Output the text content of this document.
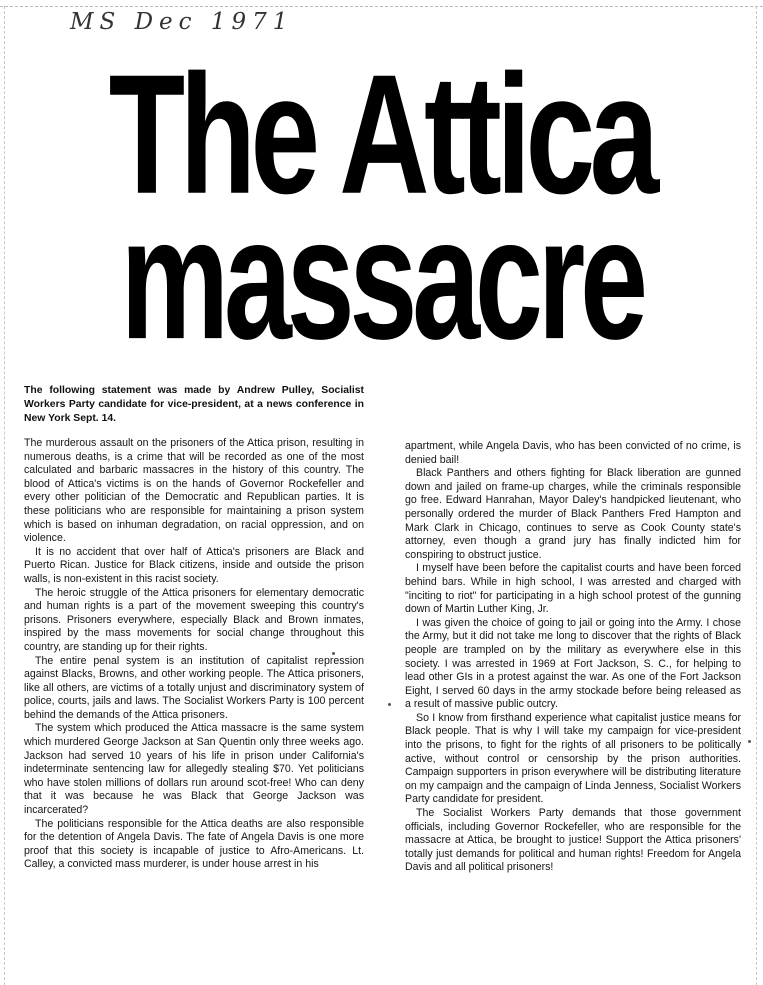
MS Dec 1971
The Attica
massacre
The following statement was made by Andrew Pulley, Socialist Workers Party candidate for vice-president, at a news conference in New York Sept. 14.

The murderous assault on the prisoners of the Attica prison, resulting in numerous deaths, is a crime that will be recorded as one of the most calculated and barbaric massacres in the history of this country. The blood of Attica's victims is on the hands of Governor Rockefeller and every other politician of the Democratic and Republican parties. It is these politicians who are responsible for maintaining a prison system which is based on inhuman degradation, on racial oppression, and on violence.

It is no accident that over half of Attica's prisoners are Black and Puerto Rican. Justice for Black citizens, inside and outside the prison walls, is non-existent in this racist society.

The heroic struggle of the Attica prisoners for elementary democratic and human rights is a part of the movement sweeping this country's prisons. Prisoners everywhere, especially Black and Brown inmates, inspired by the mass movements for social change throughout this country, are standing up for their rights.

The entire penal system is an institution of capitalist repression against Blacks, Browns, and other working people. The Attica prisoners, like all others, are victims of a totally unjust and discriminatory system of police, courts, jails and laws. The Socialist Workers Party is 100 percent behind the demands of the Attica prisoners.

The system which produced the Attica massacre is the same system which murdered George Jackson at San Quentin only three weeks ago. Jackson had served 10 years of his life in prison under California's indeterminate sentencing law for allegedly stealing $70. Yet politicians who have stolen millions of dollars run around scot-free! Who can deny that it was because he was Black that George Jackson was incarcerated?

The politicians responsible for the Attica deaths are also responsible for the detention of Angela Davis. The fate of Angela Davis is one more proof that this society is incapable of justice to Afro-Americans. Lt. Calley, a convicted mass murderer, is under house arrest in his

apartment, while Angela Davis, who has been convicted of no crime, is denied bail!

Black Panthers and others fighting for Black liberation are gunned down and jailed on frame-up charges, while the criminals responsible go free. Edward Hanrahan, Mayor Daley's handpicked lieutenant, who personally ordered the murder of Black Panthers Fred Hampton and Mark Clark in Chicago, continues to serve as Cook County state's attorney, even though a grand jury has finally indicted him for conspiring to obstruct justice.

I myself have been before the capitalist courts and have been forced behind bars. While in high school, I was arrested and charged with "inciting to riot" for participating in a high school protest of the gunning down of Martin Luther King, Jr.

I was given the choice of going to jail or going into the Army. I chose the Army, but it did not take me long to discover that the rights of Black people are trampled on by the military as everywhere else in this society. I was arrested in 1969 at Fort Jackson, S. C., for helping to lead other GIs in a protest against the war. As one of the Fort Jackson Eight, I served 60 days in the army stockade before being released as a result of massive public outcry.

So I know from firsthand experience what capitalist justice means for Black people. That is why I will take my campaign for vice-president into the prisons, to fight for the rights of all prisoners to be politically active, without control or censorship by the prison authorities. Campaign supporters in prison everywhere will be distributing literature on my campaign and the campaign of Linda Jenness, Socialist Workers Party candidate for president.

The Socialist Workers Party demands that those government officials, including Governor Rockefeller, who are responsible for the massacre at Attica, be brought to justice! Support the Attica prisoners' totally just demands for political and human rights! Freedom for Angela Davis and all political prisoners!
